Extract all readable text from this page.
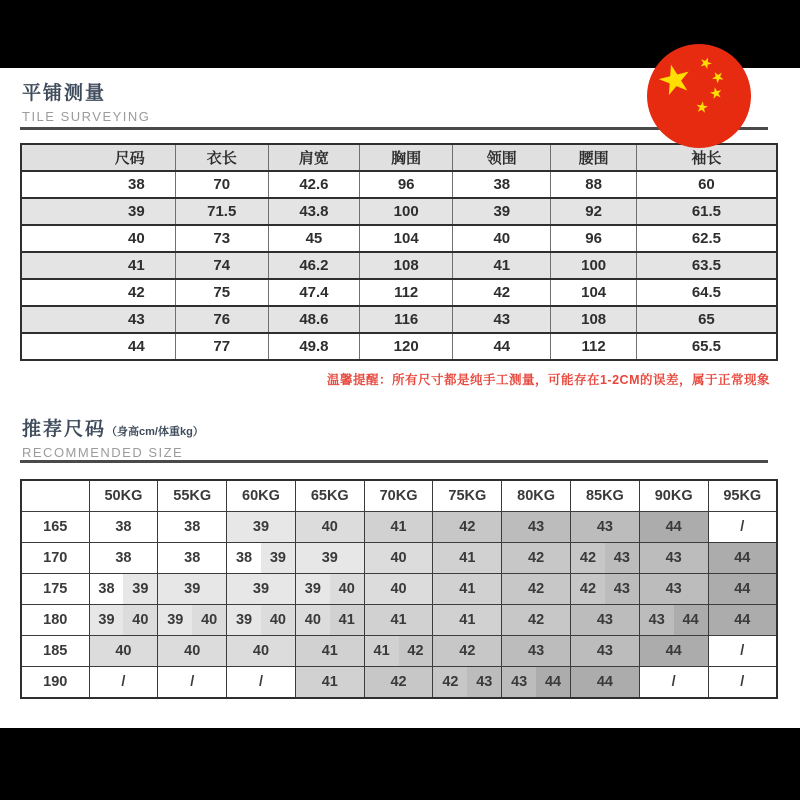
★
★
★
★
★
平铺测量
TILE SURVEYING
尺码	衣长	肩宽	胸围	领围	腰围	袖长
38	70	42.6	96	38	88	60
39	71.5	43.8	100	39	92	61.5
40	73	45	104	40	96	62.5
41	74	46.2	108	41	100	63.5
42	75	47.4	112	42	104	64.5
43	76	48.6	116	43	108	65
44	77	49.8	120	44	112	65.5
温馨提醒：所有尺寸都是纯手工测量，可能存在1-2CM的误差，属于正常现象
推荐尺码（身高cm/体重kg）
RECOMMENDED SIZE
	50KG	55KG	60KG	65KG	70KG	75KG	80KG	85KG	90KG	95KG
165	38	38	39	40	41	42	43	43	44	/
170	38	38	38 39	39	40	41	42	42 43	43	44
175	38 39	39	39	39 40	40	41	42	42 43	43	44
180	39 40	39 40	39 40	40 41	41	41	42	43	43 44	44
185	40	40	40	41	41 42	42	43	43	44	/
190	/	/	/	41	42	42 43	43 44	44	/	/
